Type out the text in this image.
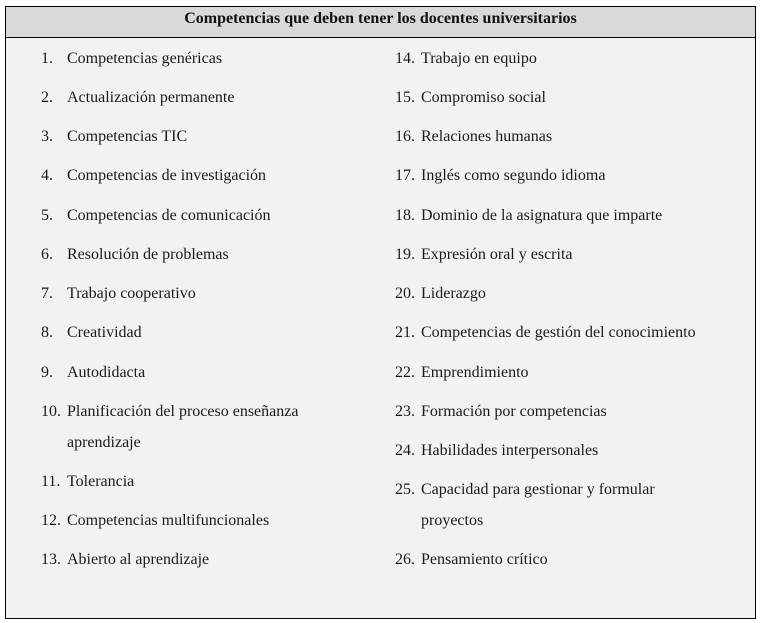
Competencias que deben tener los docentes universitarios
1. Competencias genéricas
2. Actualización permanente
3. Competencias TIC
4. Competencias de investigación
5. Competencias de comunicación
6. Resolución de problemas
7. Trabajo cooperativo
8. Creatividad
9. Autodidacta
10. Planificación del proceso enseñanza
aprendizaje
11. Tolerancia
12. Competencias multifuncionales
13. Abierto al aprendizaje
14. Trabajo en equipo
15. Compromiso social
16. Relaciones humanas
17. Inglés como segundo idioma
18. Dominio de la asignatura que imparte
19. Expresión oral y escrita
20. Liderazgo
21. Competencias de gestión del conocimiento
22. Emprendimiento
23. Formación por competencias
24. Habilidades interpersonales
25. Capacidad para gestionar y formular
proyectos
26. Pensamiento crítico
